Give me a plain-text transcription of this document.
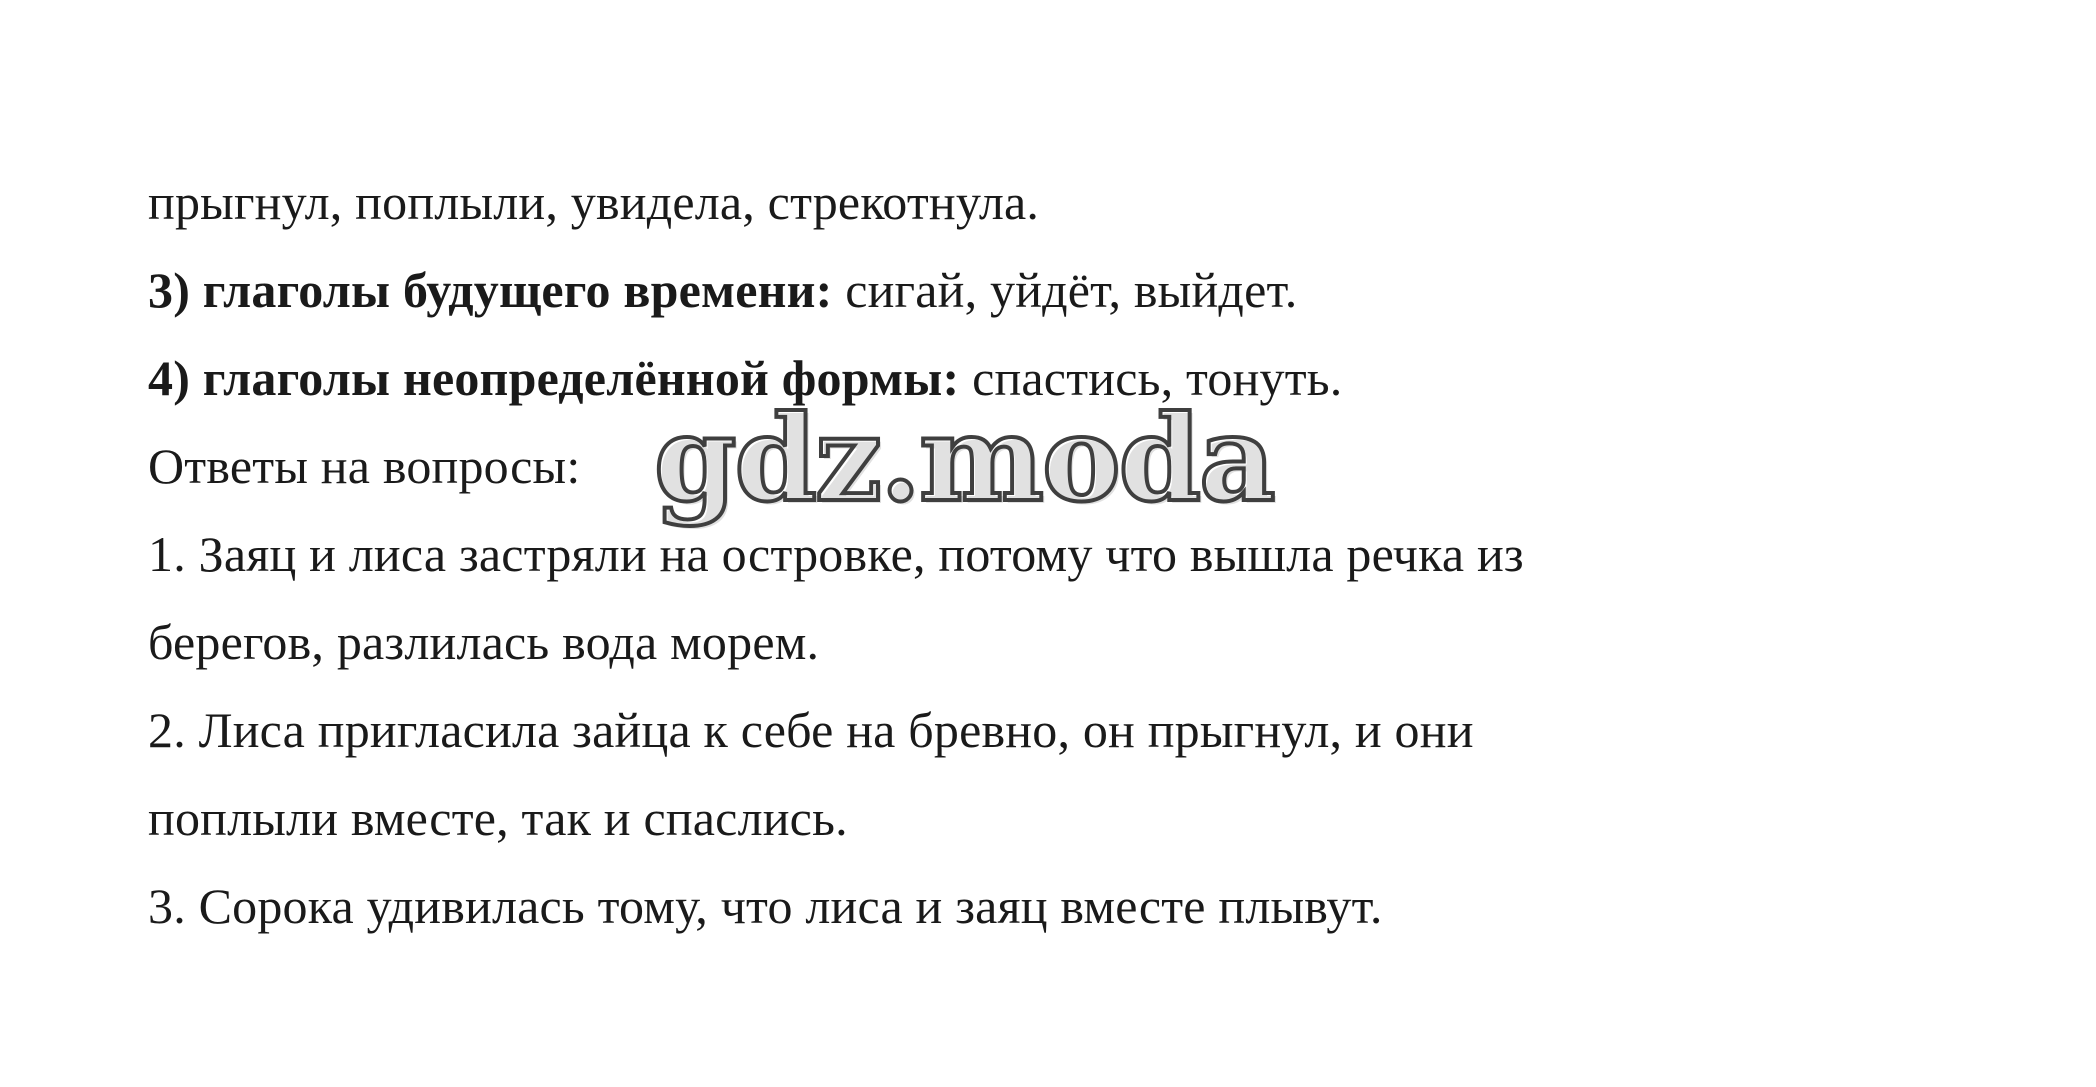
прыгнул, поплыли, увидела, стрекотнула.
3) глаголы будущего времени: сигай, уйдёт, выйдет.
4) глаголы неопределённой формы: спастись, тонуть.
Ответы на вопросы:
1. Заяц и лиса застряли на островке, потому что вышла речка из
берегов, разлилась вода морем.
2. Лиса пригласила зайца к себе на бревно, он прыгнул, и они
поплыли вместе, так и спаслись.
3. Сорока удивилась тому, что лиса и заяц вместе плывут.
gdz.moda
